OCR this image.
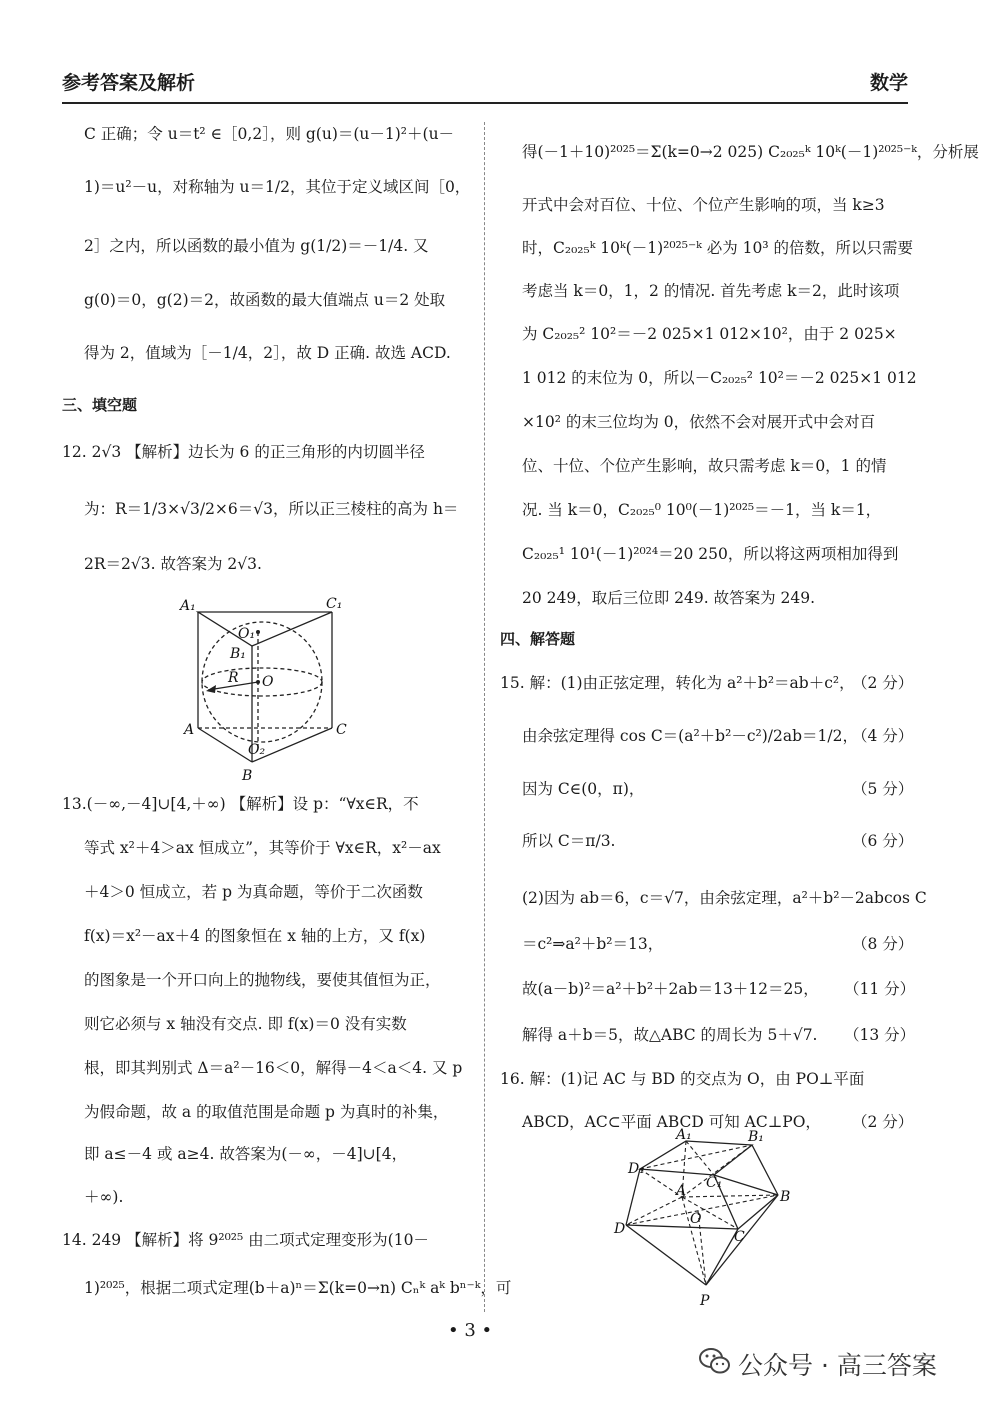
参考答案及解析	数学
C 正确；令 u＝t² ∈［0,2］，则 g(u)＝(u－1)²＋(u－
1)＝u²－u，对称轴为 u＝1/2，其位于定义域区间［0，
2］之内，所以函数的最小值为 g(1/2)＝－1/4. 又
g(0)＝0，g(2)＝2，故函数的最大值端点 u＝2 处取
得为 2，值域为［－1/4，2］，故 D 正确. 故选 ACD.
三、填空题
12. 2√3 【解析】边长为 6 的正三角形的内切圆半径
为：R＝1/3×√3/2×6＝√3，所以正三棱柱的高为 h＝
2R＝2√3. 故答案为 2√3.
A₁	C₁
O₁
B₁
R O
A	C
O₂
B
13.(－∞,－4]∪[4,＋∞) 【解析】设 p：“∀x∈R，不
等式 x²＋4＞ax 恒成立”，其等价于 ∀x∈R，x²－ax
＋4＞0 恒成立，若 p 为真命题，等价于二次函数
f(x)＝x²－ax＋4 的图象恒在 x 轴的上方，又 f(x)
的图象是一个开口向上的抛物线，要使其值恒为正，
则它必须与 x 轴没有交点. 即 f(x)＝0 没有实数
根，即其判别式 Δ＝a²－16＜0，解得－4＜a＜4. 又 p
为假命题，故 a 的取值范围是命题 p 为真时的补集，
即 a≤－4 或 a≥4. 故答案为(－∞，－4]∪[4，
＋∞).
14. 249 【解析】将 9²⁰²⁵ 由二项式定理变形为(10－
1)²⁰²⁵，根据二项式定理(b＋a)ⁿ＝Σ(k=0→n) Cₙᵏ aᵏ bⁿ⁻ᵏ，可
得(－1＋10)²⁰²⁵＝Σ(k=0→2 025) C₂₀₂₅ᵏ 10ᵏ(－1)²⁰²⁵⁻ᵏ，分析展
开式中会对百位、十位、个位产生影响的项，当 k≥3
时，C₂₀₂₅ᵏ 10ᵏ(－1)²⁰²⁵⁻ᵏ 必为 10³ 的倍数，所以只需要
考虑当 k＝0，1，2 的情况. 首先考虑 k＝2，此时该项
为 C₂₀₂₅² 10²＝－2 025×1 012×10²，由于 2 025×
1 012 的末位为 0，所以－C₂₀₂₅² 10²＝－2 025×1 012
×10² 的末三位均为 0，依然不会对展开式中会对百
位、十位、个位产生影响，故只需考虑 k＝0，1 的情
况. 当 k＝0，C₂₀₂₅⁰ 10⁰(－1)²⁰²⁵＝－1，当 k＝1，
C₂₀₂₅¹ 10¹(－1)²⁰²⁴＝20 250，所以将这两项相加得到
20 249，取后三位即 249. 故答案为 249.
四、解答题
15. 解：(1)由正弦定理，转化为 a²＋b²＝ab＋c²，
（2 分）
由余弦定理得 cos C＝(a²＋b²－c²)/2ab＝1/2，
（4 分）
因为 C∈(0，π)，	（5 分）
所以 C＝π/3.	（6 分）
(2)因为 ab＝6，c＝√7，由余弦定理，a²＋b²－2abcos C
＝c²⇒a²＋b²＝13，	（8 分）
故(a－b)²＝a²＋b²＋2ab＝13＋12＝25， （11 分）
解得 a＋b＝5，故△ABC 的周长为 5＋√7. （13 分）
16. 解：(1)记 AC 与 BD 的交点为 O，由 PO⊥平面
ABCD，AC⊂平面 ABCD 可知 AC⊥PO， （2 分）
A₁	B₁
D₁
C₁
A	B
O
D	C
P
• 3 •
公众号 · 高三答案
